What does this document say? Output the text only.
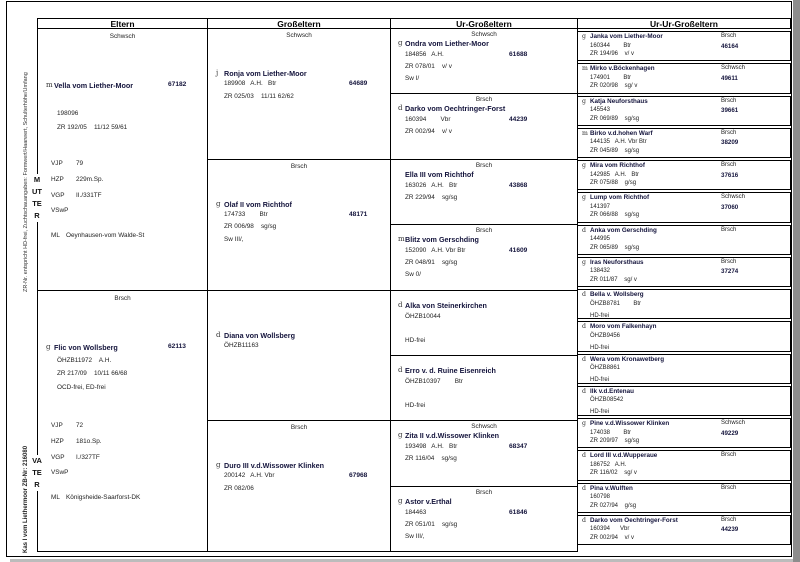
ZR-Nr. entspricht HD-frei, Zuchtschauangaben: Formwert/Haarwert, Schulterhöhe/Umfang
Kas I vom Liethermoor ZB-Nr: 216080
MUTTER
VATER
Eltern
Schwsch
m Vella vom Liether-Moor	67182
198096
ZR 192/05    11/12 59/61
VJP 79
HZP 229m.Sp.
VGP II./331TF
VSwP
ML Oeynhausen-vom Walde-St
Brsch
g Flic von Wollsberg	62113
ÖHZB11972    A.H.
ZR 217/09    10/11 66/68
OCD-frei, ED-frei
VJP 72
HZP 181o.Sp.
VGP I./327TF
VSwP
ML Königsheide-Saarforst-DK
Großeltern
Schwsch
j Ronja vom Liether-Moor
189908   A.H.   Btr	64689
ZR 025/03    11/11 62/62
Brsch
g Olaf II vom Richthof
174733        Btr	48171
ZR 006/98    sg/sg
Sw III/,
d Diana von Wollsberg
ÖHZB11163
Brsch
g Duro III v.d.Wissower Klinken
200142   A.H. Vbr	67968
ZR 082/06
Ur-Großeltern
Schwsch
g Ondra vom Liether-Moor
184856   A.H.	61688
ZR 078/01    v/ v
Sw I/
Brsch
d Darko vom Oechtringer-Forst
160394        Vbr	44239
ZR 002/94    v/ v
Brsch
Ella III vom Richthof
163026   A.H.   Btr	43868
ZR 229/94    sg/sg
Brsch
m Blitz vom Gerschding
152090   A.H. Vbr Btr	41609
ZR 048/91    sg/sg
Sw 0/
d Alka von Steinerkirchen
ÖHZB10044
HD-frei
d Erro v. d. Ruine Eisenreich
ÖHZB10397        Btr
HD-frei
Schwsch
g Zita II v.d.Wissower Klinken
193498   A.H.   Btr	68347
ZR 116/04    sg/sg
Brsch
g Astor v.Erthal
184463	61846
ZR 051/01    sg/sg
Sw III/,
Ur-Ur-Großeltern
g Janka vom Liether-Moor	Brsch
160344        Btr	46164
ZR 194/96    v/ v
m Mirko v.Böckenhagen	Schwsch
174901        Btr	49611
ZR 020/98    sg/ v
g Katja Neuforsthaus	Brsch
145543	39661
ZR 069/89    sg/sg
m Birko v.d.hohen Warf	Brsch
144135   A.H. Vbr Btr	38209
ZR 045/89    sg/sg
g Mira vom Richthof	Brsch
142985   A.H.   Btr	37616
ZR 075/88    g/sg
g Lump vom Richthof	Schwsch
141397	37060
ZR 066/88    sg/sg
d Anka vom Gerschding	Brsch
144995
ZR 065/89    sg/sg
g Iras Neuforsthaus	Brsch
138432	37274
ZR 011/87    sg/ v
d Bella v. Wollsberg
ÖHZB8781        Btr
HD-frei
d Moro vom Falkenhayn
ÖHZB9456
HD-frei
d Wera vom Kronawetberg
ÖHZB8861
HD-frei
d Ilk v.d.Entenau
ÖHZB08542
HD-frei
g Pine v.d.Wissower Klinken	Schwsch
174038        Btr	49229
ZR 209/97    sg/sg
d Lord III v.d.Wupperaue	Brsch
186752   A.H.
ZR 116/02    sg/ v
d Pina v.Wulften	Brsch
160798
ZR 027/94    g/sg
d Darko vom Oechtringer-Forst	Brsch
160394      Vbr	44239
ZR 002/94    v/ v
